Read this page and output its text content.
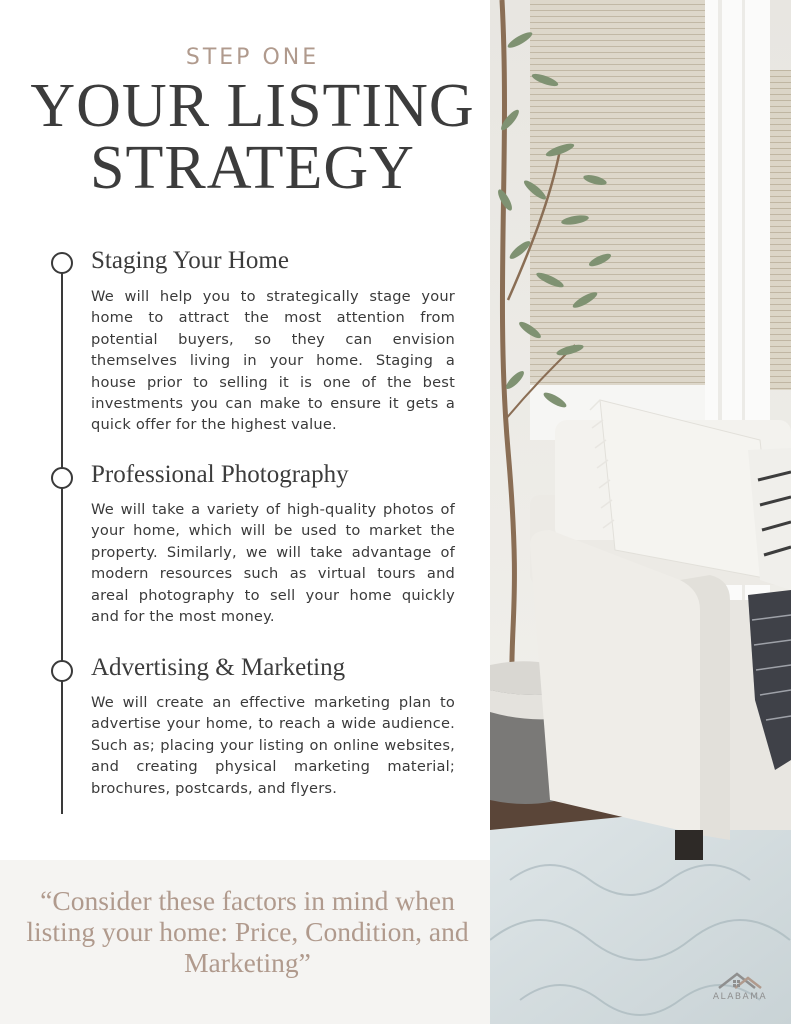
STEP ONE
YOUR LISTING
STRATEGY
Staging Your Home
We will help you to strategically stage your home to attract the most attention from potential buyers, so they can envision themselves living in your home. Staging a house prior to selling it is one of the best investments you can make to ensure it gets a quick offer for the highest value.
Professional Photography
We will take a variety of high-quality photos of your home, which will be used to market the property. Similarly, we will take advantage of modern resources such as virtual tours and areal photography to sell your home quickly and for the most money.
Advertising & Marketing
We will create an effective marketing plan to advertise your home, to reach a wide audience. Such as; placing your listing on online websites, and creating physical marketing material; brochures, postcards, and flyers.
“Consider these factors in mind when listing your home: Price, Condition, and Marketing”
ALABAMA
